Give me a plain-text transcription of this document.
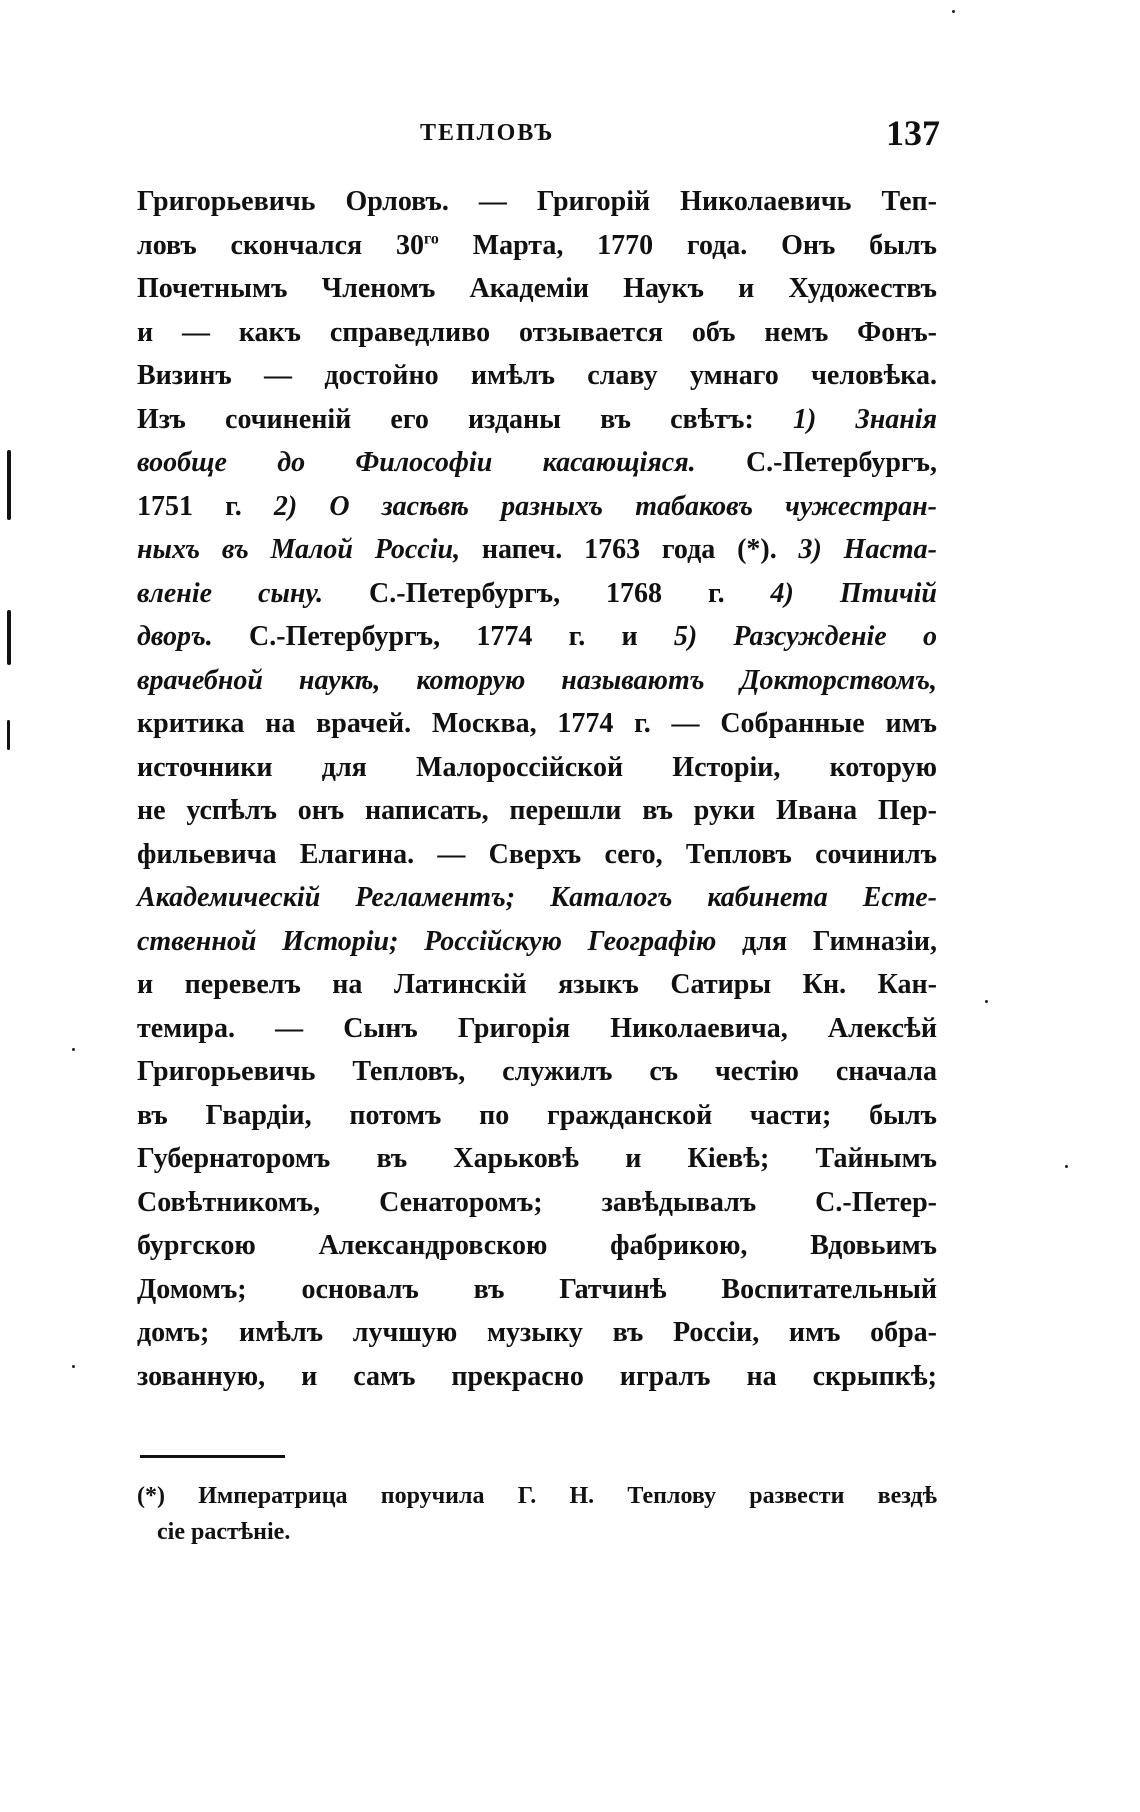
ТЕПЛОВЪ	137
Григорьевичь Орловъ. — Григорій Николаевичь Теп-
ловъ скончался $30^{го}$ Марта, 1770 года. Онъ былъ
Почетнымъ Членомъ Академіи Наукъ и Художествъ
и — какъ справедливо отзывается объ немъ Фонъ-
Визинъ — достойно имѣлъ славу умнаго человѣка.
Изъ сочиненій его изданы въ свѣтъ: 1) Знанія
вообще до Философіи касающіяся. С.-Петербургъ,
1751 г. 2) О засѣвѣ разныхъ табаковъ чужестран-
ныхъ въ Малой Россіи, напеч. 1763 года (*). 3) Наста-
вленіе сыну. С.-Петербургъ, 1768 г. 4) Птичій
дворъ. С.-Петербургъ, 1774 г. и 5) Разсужденіе о
врачебной наукѣ, которую называютъ Докторствомъ,
критика на врачей. Москва, 1774 г. — Собранные имъ
источники для Малороссійской Исторіи, которую
не успѣлъ онъ написать, перешли въ руки Ивана Пер-
фильевича Елагина. — Сверхъ сего, Тепловъ сочинилъ
Академическій Регламентъ; Каталогъ кабинета Есте-
ственной Исторіи; Россійскую Географію для Гимназіи,
и перевелъ на Латинскій языкъ Сатиры Кн. Кан-
темира. — Сынъ Григорія Николаевича, Алексѣй
Григорьевичь Тепловъ, служилъ съ честію сначала
въ Гвардіи, потомъ по гражданской части; былъ
Губернаторомъ въ Харьковѣ и Кіевѣ; Тайнымъ
Совѣтникомъ, Сенаторомъ; завѣдывалъ С.-Петер-
бургскою Александровскою фабрикою, Вдовьимъ
Домомъ; основалъ въ Гатчинѣ Воспитательный
домъ; имѣлъ лучшую музыку въ Россіи, имъ обра-
зованную, и самъ прекрасно игралъ на скрыпкѣ;
(*) Императрица поручила Г. Н. Теплову развести вездѣ
сіе растѣніе.
